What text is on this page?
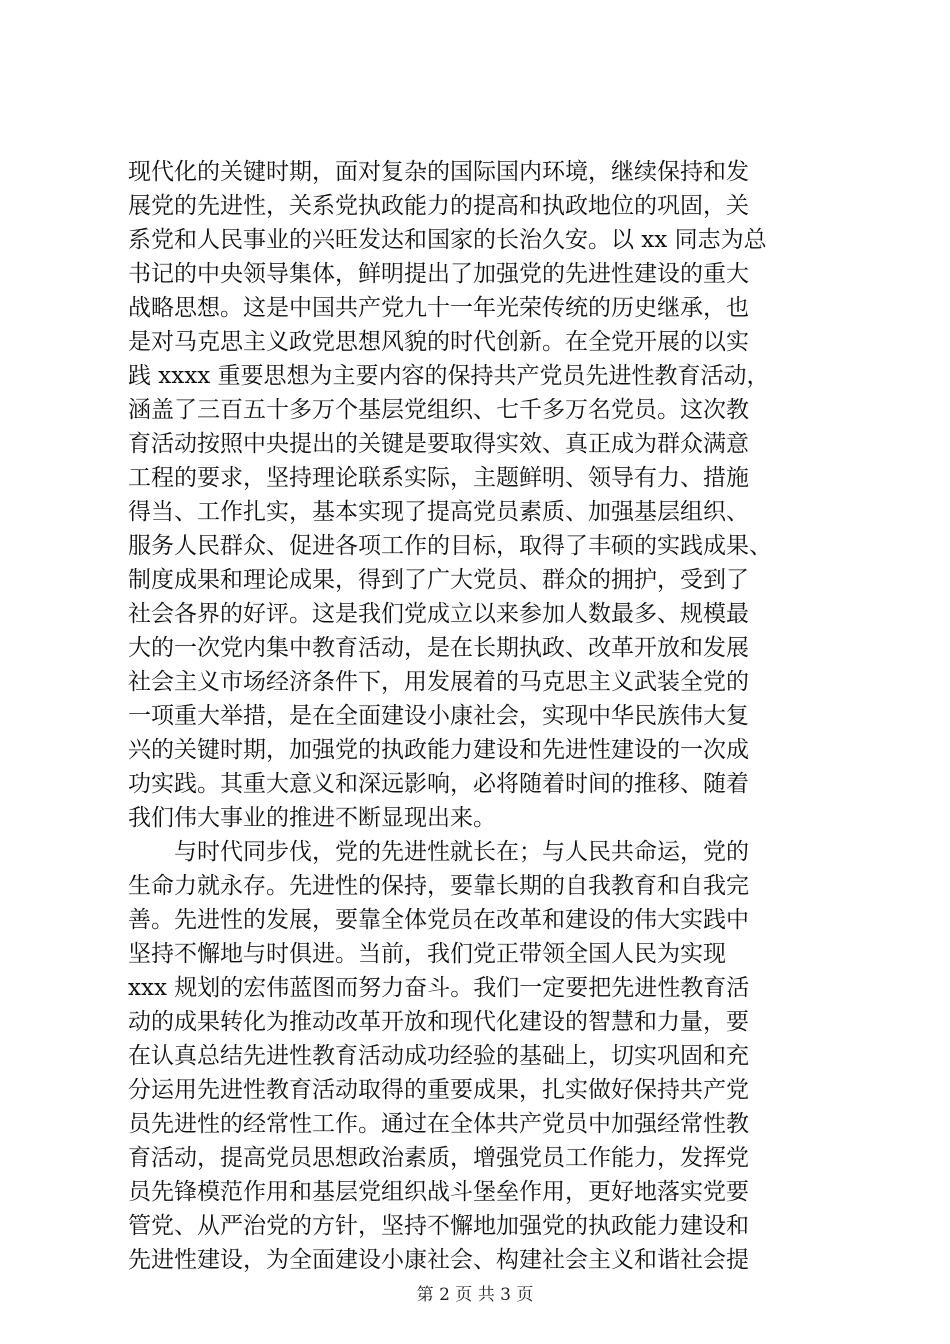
现代化的关键时期，面对复杂的国际国内环境，继续保持和发
展党的先进性，关系党执政能力的提高和执政地位的巩固，关
系党和人民事业的兴旺发达和国家的长治久安。以 xx 同志为总
书记的中央领导集体，鲜明提出了加强党的先进性建设的重大
战略思想。这是中国共产党九十一年光荣传统的历史继承，也
是对马克思主义政党思想风貌的时代创新。在全党开展的以实
践 xxxx 重要思想为主要内容的保持共产党员先进性教育活动，
涵盖了三百五十多万个基层党组织、七千多万名党员。这次教
育活动按照中央提出的关键是要取得实效、真正成为群众满意
工程的要求，坚持理论联系实际，主题鲜明、领导有力、措施
得当、工作扎实，基本实现了提高党员素质、加强基层组织、
服务人民群众、促进各项工作的目标，取得了丰硕的实践成果、
制度成果和理论成果，得到了广大党员、群众的拥护，受到了
社会各界的好评。这是我们党成立以来参加人数最多、规模最
大的一次党内集中教育活动，是在长期执政、改革开放和发展
社会主义市场经济条件下，用发展着的马克思主义武装全党的
一项重大举措，是在全面建设小康社会，实现中华民族伟大复
兴的关键时期，加强党的执政能力建设和先进性建设的一次成
功实践。其重大意义和深远影响，必将随着时间的推移、随着
我们伟大事业的推进不断显现出来。
与时代同步伐，党的先进性就长在；与人民共命运，党的
生命力就永存。先进性的保持，要靠长期的自我教育和自我完
善。先进性的发展，要靠全体党员在改革和建设的伟大实践中
坚持不懈地与时俱进。当前，我们党正带领全国人民为实现
xxx 规划的宏伟蓝图而努力奋斗。我们一定要把先进性教育活
动的成果转化为推动改革开放和现代化建设的智慧和力量，要
在认真总结先进性教育活动成功经验的基础上，切实巩固和充
分运用先进性教育活动取得的重要成果，扎实做好保持共产党
员先进性的经常性工作。通过在全体共产党员中加强经常性教
育活动，提高党员思想政治素质，增强党员工作能力，发挥党
员先锋模范作用和基层党组织战斗堡垒作用，更好地落实党要
管党、从严治党的方针，坚持不懈地加强党的执政能力建设和
先进性建设，为全面建设小康社会、构建社会主义和谐社会提
第 2 页 共 3 页
